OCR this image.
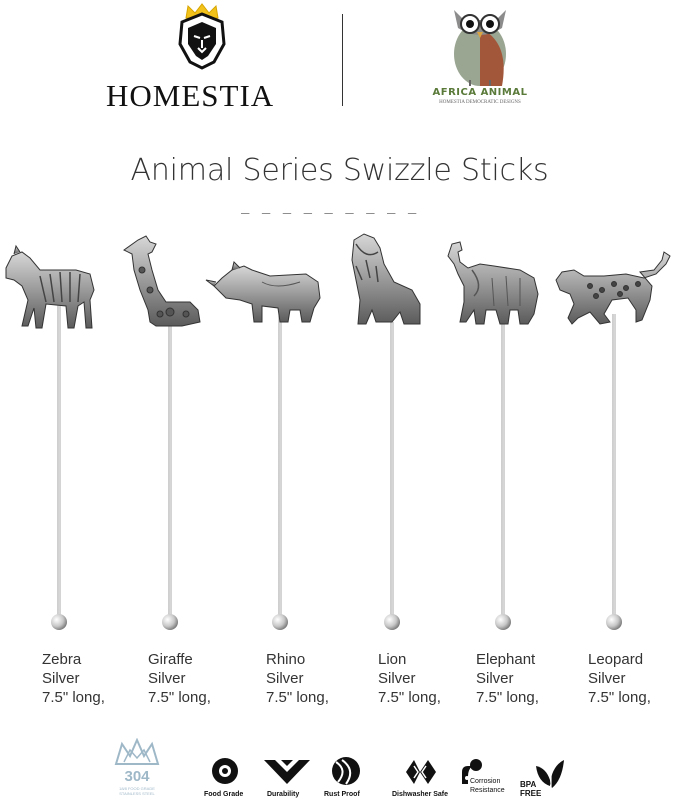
HOMESTIA	AFRICA ANIMAL
HOMESTIA DEMOCRATIC DESIGNS
Animal Series Swizzle Sticks
_ _ _ _ _ _ _ _ _
Zebra
Silver
7.5" long,
Giraffe
Silver
7.5" long,
Rhino
Silver
7.5" long,
Lion
Silver
7.5" long,
Elephant
Silver
7.5" long,
Leopard
Silver
7.5" long,
304
18/8 FOOD GRADE STAINLESS STEEL	Food Grade	Durability	Rust Proof	Dishwasher Safe
Corrosion
Resistance
BPA
FREE
